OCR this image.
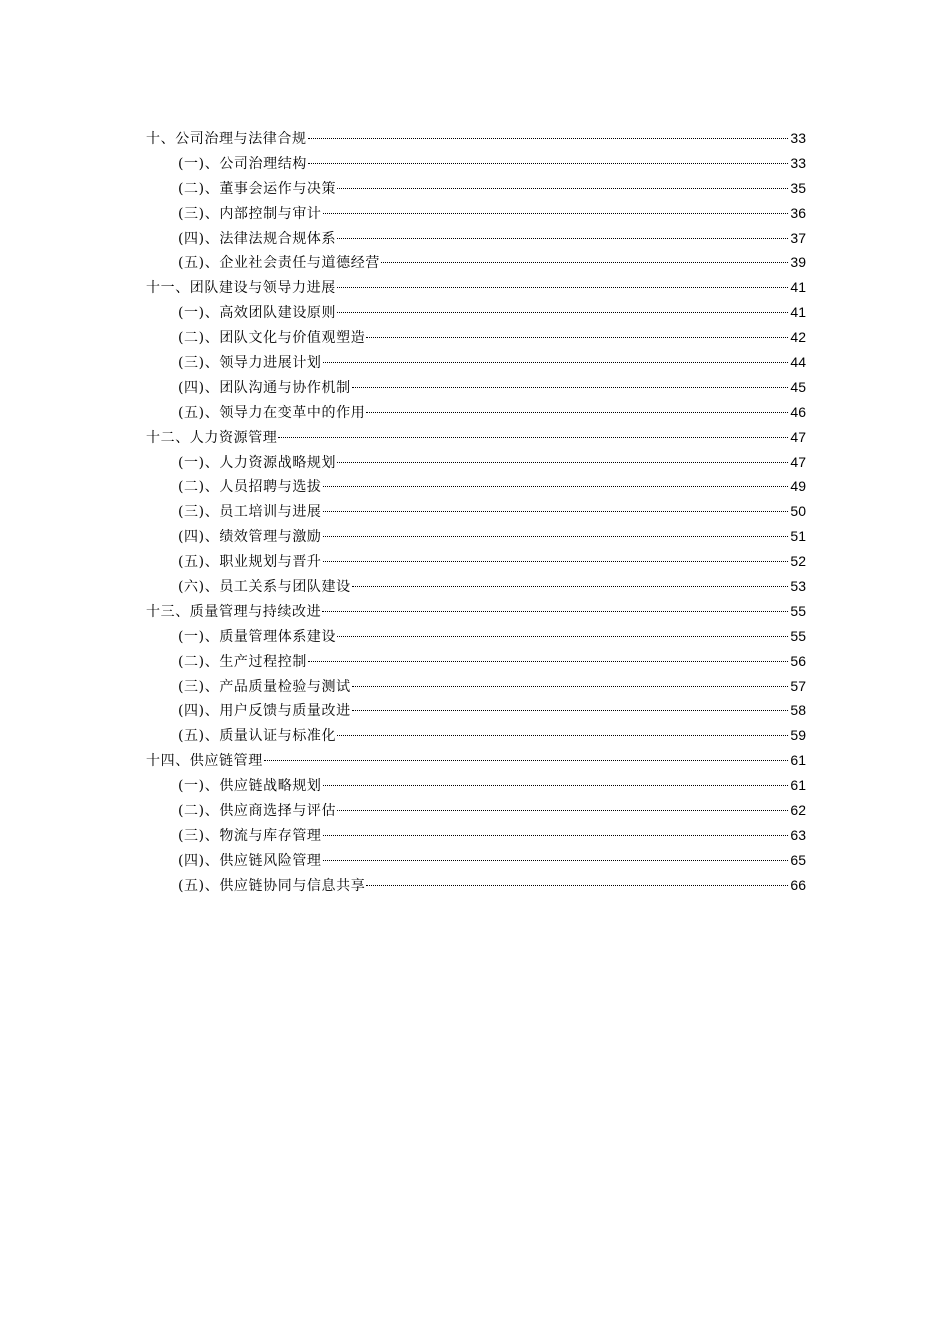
十、公司治理与法律合规	33
(一)、公司治理结构	33
(二)、董事会运作与决策	35
(三)、内部控制与审计	36
(四)、法律法规合规体系	37
(五)、企业社会责任与道德经营	39
十一、团队建设与领导力进展	41
(一)、高效团队建设原则	41
(二)、团队文化与价值观塑造	42
(三)、领导力进展计划	44
(四)、团队沟通与协作机制	45
(五)、领导力在变革中的作用	46
十二、人力资源管理	47
(一)、人力资源战略规划	47
(二)、人员招聘与选拔	49
(三)、员工培训与进展	50
(四)、绩效管理与激励	51
(五)、职业规划与晋升	52
(六)、员工关系与团队建设	53
十三、质量管理与持续改进	55
(一)、质量管理体系建设	55
(二)、生产过程控制	56
(三)、产品质量检验与测试	57
(四)、用户反馈与质量改进	58
(五)、质量认证与标准化	59
十四、供应链管理	61
(一)、供应链战略规划	61
(二)、供应商选择与评估	62
(三)、物流与库存管理	63
(四)、供应链风险管理	65
(五)、供应链协同与信息共享	66
